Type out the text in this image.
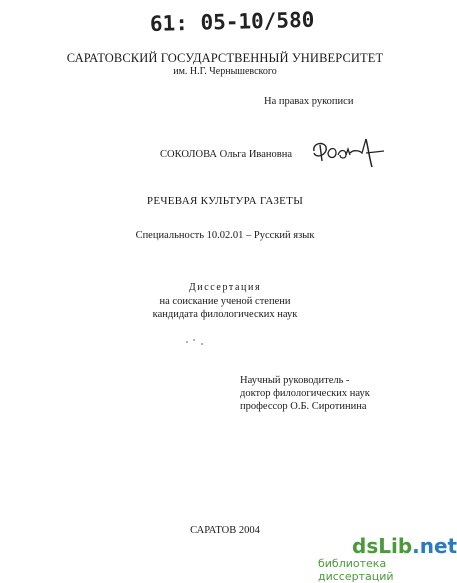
61: 05-10/580
САРАТОВСКИЙ ГОСУДАРСТВЕННЫЙ УНИВЕРСИТЕТ
им. Н.Г. Чернышевского
На правах рукописи
СОКОЛОВА Ольга Ивановна
РЕЧЕВАЯ КУЛЬТУРА ГАЗЕТЫ
Специальность 10.02.01 – Русский язык
Диссертация
на соискание ученой степени
кандидата филологических наук
Научный руководитель -
доктор филологических наук
профессор О.Б. Сиротинина
САРАТОВ 2004
dsLib.net
библиотека диссертаций
